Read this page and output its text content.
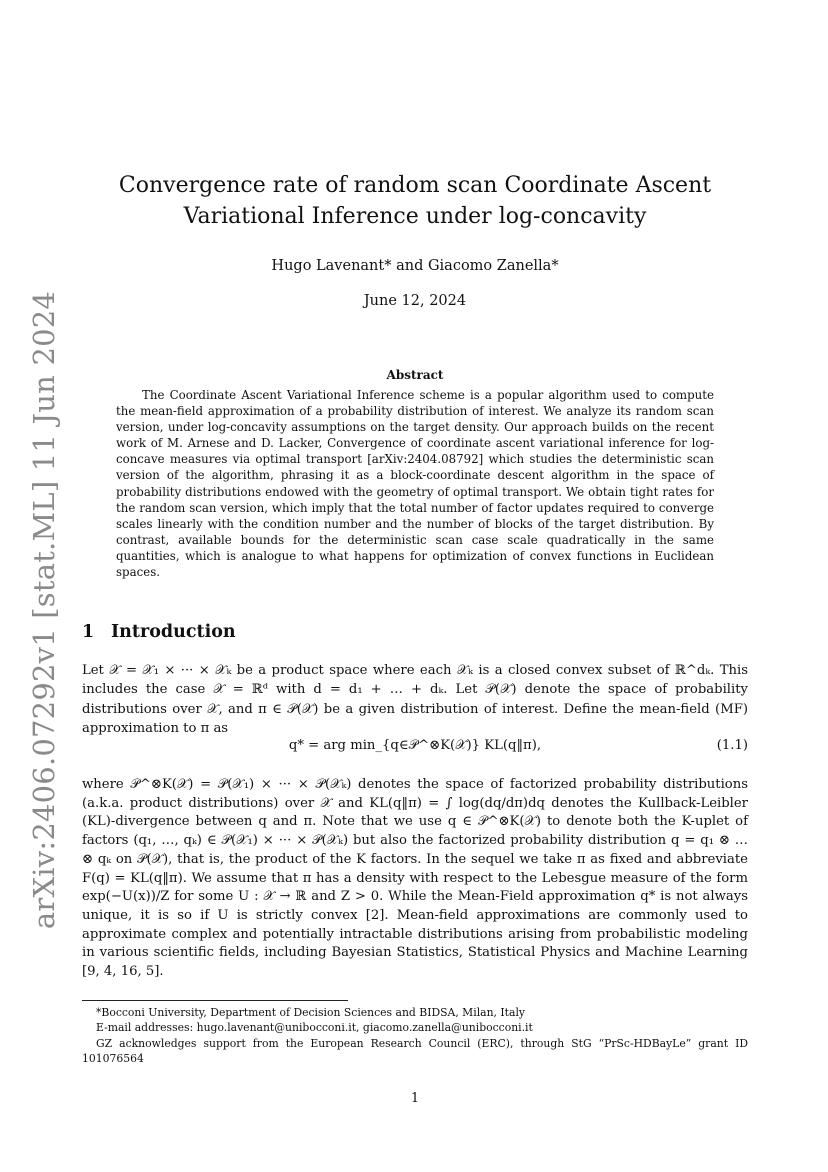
arXiv:2406.07292v1 [stat.ML] 11 Jun 2024
Convergence rate of random scan Coordinate Ascent Variational Inference under log-concavity
Hugo Lavenant* and Giacomo Zanella*
June 12, 2024
Abstract

The Coordinate Ascent Variational Inference scheme is a popular algorithm used to compute the mean-field approximation of a probability distribution of interest. We analyze its random scan version, under log-concavity assumptions on the target density. Our approach builds on the recent work of M. Arnese and D. Lacker, Convergence of coordinate ascent variational inference for log-concave measures via optimal transport [arXiv:2404.08792] which studies the deterministic scan version of the algorithm, phrasing it as a block-coordinate descent algorithm in the space of probability distributions endowed with the geometry of optimal transport. We obtain tight rates for the random scan version, which imply that the total number of factor updates required to converge scales linearly with the condition number and the number of blocks of the target distribution. By contrast, available bounds for the deterministic scan case scale quadratically in the same quantities, which is analogue to what happens for optimization of convex functions in Euclidean spaces.

1 Introduction

Let 𝒳 = 𝒳₁ × ··· × 𝒳ₖ be a product space where each 𝒳ₖ is a closed convex subset of ℝ^dₖ. This includes the case 𝒳 = ℝᵈ with d = d₁ + … + dₖ. Let 𝒫(𝒳) denote the space of probability distributions over 𝒳, and π ∈ 𝒫(𝒳) be a given distribution of interest. Define the mean-field (MF) approximation to π as

q* = arg min_{q∈𝒫^⊗K(𝒳)} KL(q‖π),	(1.1)

where 𝒫^⊗K(𝒳) = 𝒫(𝒳₁) × ··· × 𝒫(𝒳ₖ) denotes the space of factorized probability distributions (a.k.a. product distributions) over 𝒳 and KL(q‖π) = ∫ log(dq/dπ)dq denotes the Kullback-Leibler (KL)-divergence between q and π. Note that we use q ∈ 𝒫^⊗K(𝒳) to denote both the K-uplet of factors (q₁, …, qₖ) ∈ 𝒫(𝒳₁) × ··· × 𝒫(𝒳ₖ) but also the factorized probability distribution q = q₁ ⊗ … ⊗ qₖ on 𝒫(𝒳), that is, the product of the K factors. In the sequel we take π as fixed and abbreviate F(q) = KL(q‖π). We assume that π has a density with respect to the Lebesgue measure of the form exp(−U(x))/Z for some U : 𝒳 → ℝ and Z > 0. While the Mean-Field approximation q* is not always unique, it is so if U is strictly convex [2]. Mean-field approximations are commonly used to approximate complex and potentially intractable distributions arising from probabilistic modeling in various scientific fields, including Bayesian Statistics, Statistical Physics and Machine Learning [9, 4, 16, 5].

*Bocconi University, Department of Decision Sciences and BIDSA, Milan, Italy

E-mail addresses: hugo.lavenant@unibocconi.it, giacomo.zanella@unibocconi.it

GZ acknowledges support from the European Research Council (ERC), through StG “PrSc-HDBayLe” grant ID 101076564

1
